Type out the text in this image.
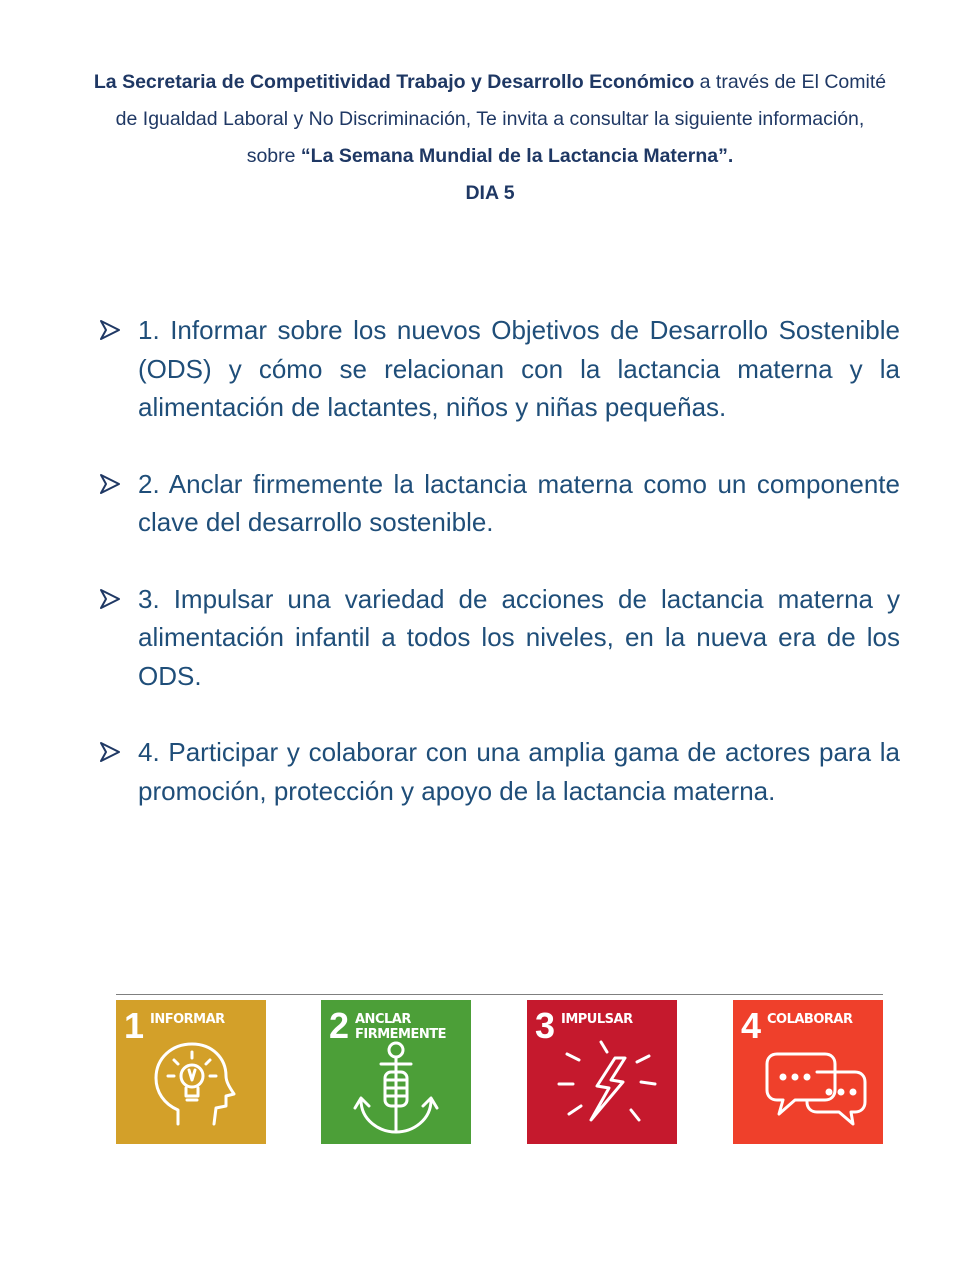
La Secretaria de Competitividad Trabajo y Desarrollo Económico a través de El Comité de Igualdad Laboral y No Discriminación, Te invita a consultar la siguiente información, sobre “La Semana Mundial de la Lactancia Materna”.
DIA 5
1. Informar sobre los nuevos Objetivos de Desarrollo Sostenible (ODS) y cómo se relacionan con la lactancia materna y la alimentación de lactantes, niños y niñas pequeñas.
2. Anclar firmemente la lactancia materna como un componente clave del desarrollo sostenible.
3. Impulsar una variedad de acciones de lactancia materna y alimentación infantil a todos los niveles, en la nueva era de los ODS.
4. Participar y colaborar con una amplia gama de actores para la promoción, protección y apoyo de la lactancia materna.
1 INFORMAR	2 ANCLAR FIRMEMENTE	3 IMPULSAR	4 COLABORAR
